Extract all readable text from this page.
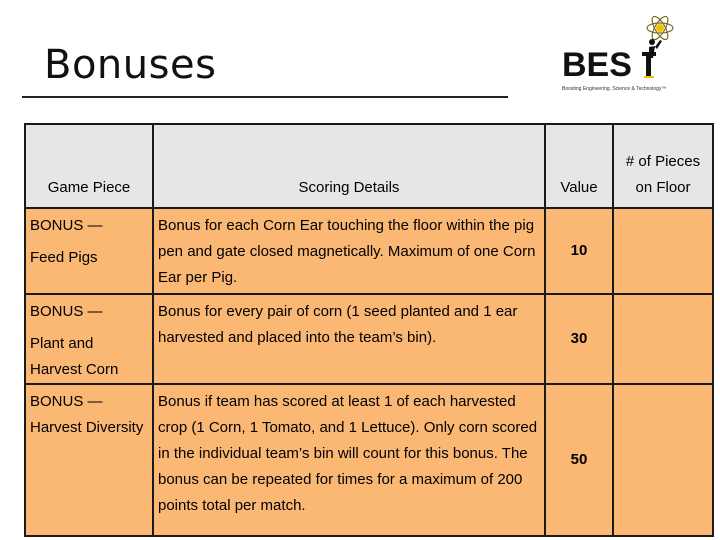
Bonuses	BES
Boosting Engineering, Science & Technology™
Game Piece	Scoring Details	Value	# of Pieces on Floor

BONUS —
Feed Pigs	Bonus for each Corn Ear touching the floor within the pig pen and gate closed magnetically. Maximum of one Corn Ear per Pig.	10	

BONUS —
Plant and Harvest Corn	Bonus for every pair of corn (1 seed planted and 1 ear harvested and placed into the team’s bin).	30	

BONUS —
Harvest Diversity	Bonus if team has scored at least 1 of each harvested crop (1 Corn, 1 Tomato, and 1 Lettuce). Only corn scored in the individual team’s bin will count for this bonus. The bonus can be repeated for times for a maximum of 200 points total per match.	50	
